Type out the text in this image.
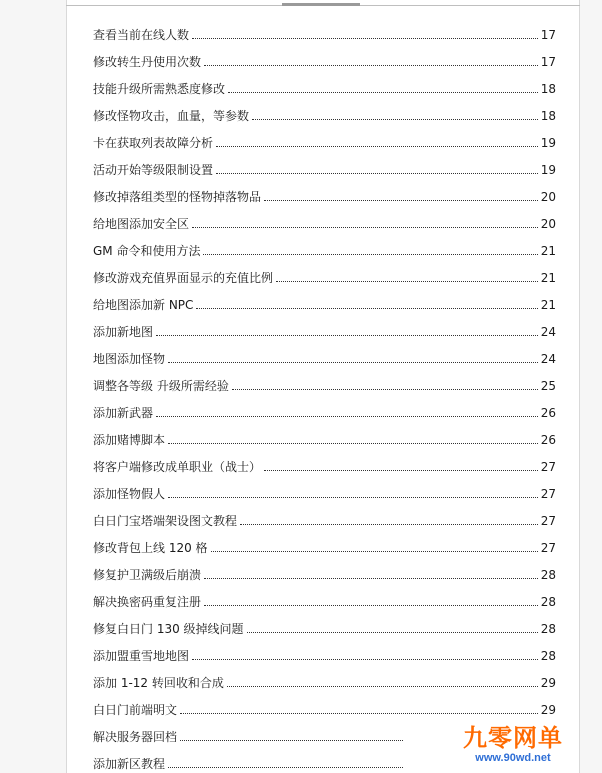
查看当前在线人数	17
修改转生丹使用次数	17
技能升级所需熟悉度修改	18
修改怪物攻击，血量，等参数	18
卡在获取列表故障分析	19
活动开始等级限制设置	19
修改掉落组类型的怪物掉落物品	20
给地图添加安全区	20
GM 命令和使用方法	21
修改游戏充值界面显示的充值比例	21
给地图添加新 NPC	21
添加新地图	24
地图添加怪物	24
调整各等级 升级所需经验	25
添加新武器	26
添加赌博脚本	26
将客户端修改成单职业（战士）	27
添加怪物假人	27
白日门宝塔端架设图文教程	27
修改背包上线 120 格	27
修复护卫满级后崩溃	28
解决换密码重复注册	28
修复白日门 130 级掉线问题	28
添加盟重雪地地图	28
添加 1-12 转回收和合成	29
白日门前端明文	29
解决服务器回档
添加新区教程
九零网单
www.90wd.net
